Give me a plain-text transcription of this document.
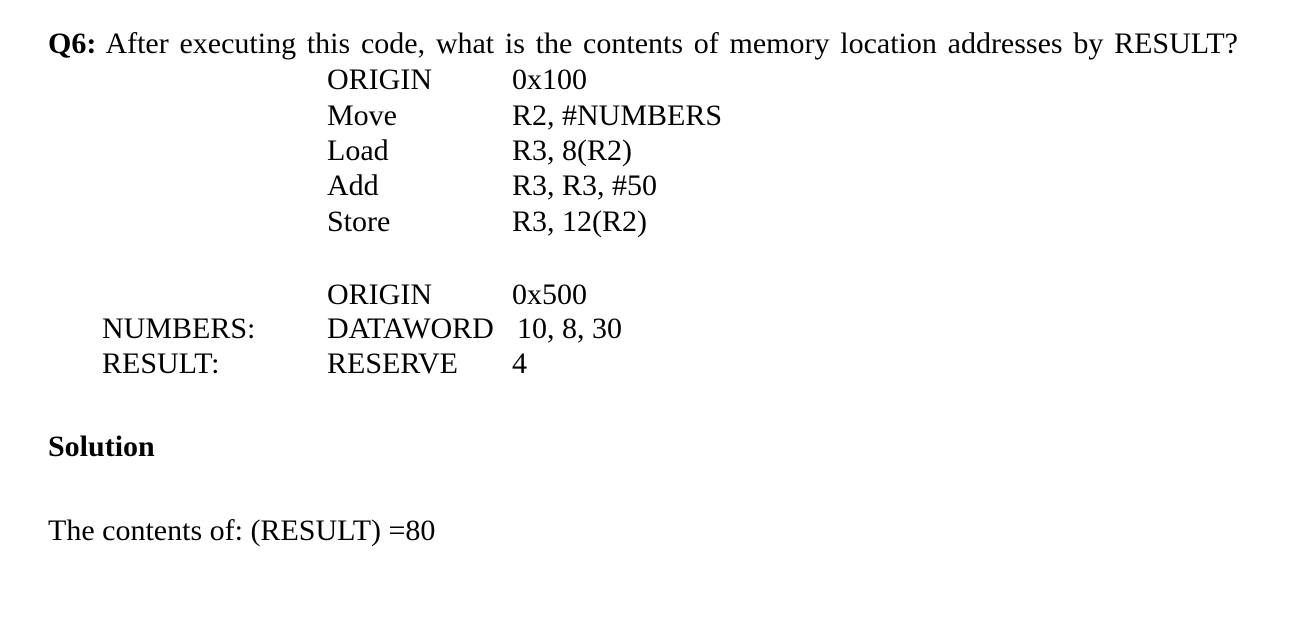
Q6: After executing this code, what is the contents of memory location addresses by RESULT?
ORIGIN	0x100
Move	R2, #NUMBERS
Load	R3, 8(R2)
Add	R3, R3, #50
Store	R3, 12(R2)
ORIGIN	0x500
NUMBERS: DATAWORD 10, 8, 30
RESULT:	RESERVE 4
Solution
The contents of: (RESULT) =80
